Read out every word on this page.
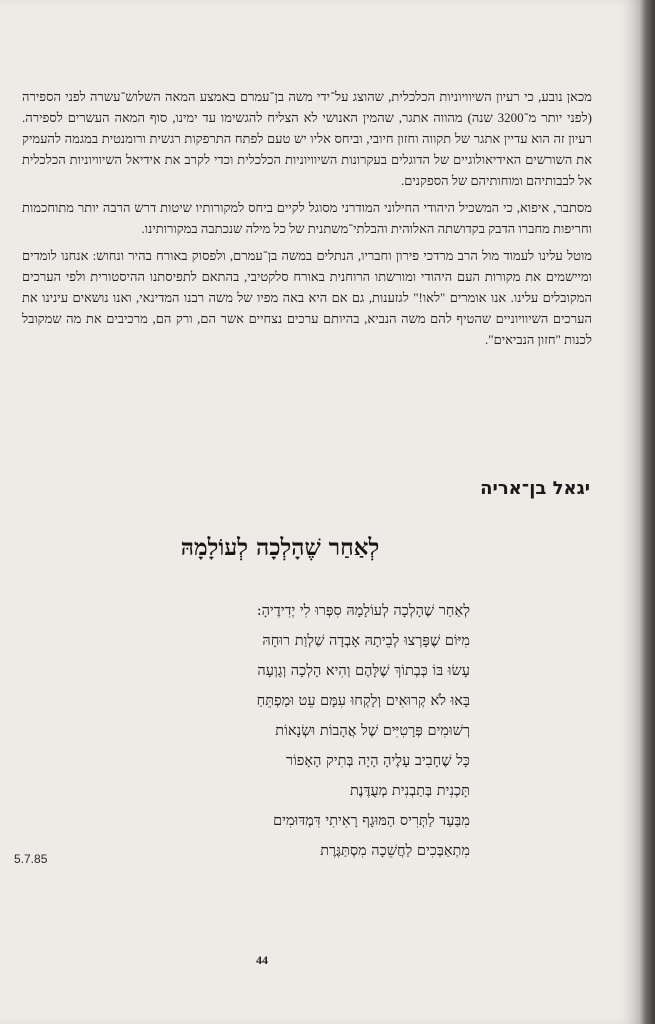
מכאן נובע, כי רעיון השיוויוניות הכלכלית, שהוצג על־ידי משה בן־עמרם באמצע המאה השלוש־עשרה לפני הספירה (לפני יותר מ־3200 שנה) מהווה אתגר, שהמין האנושי לא הצליח להגשימו עד ימינו, סוף המאה העשרים לספירה. רעיון זה הוא עדיין אתגר של תקווה וחזון חיובי, וביחס אליו יש טעם לפתח התרפקות רגשית ורומנטית במגמה להעמיק את השורשים האידיאולוגיים של הדוגלים בעקרונות השיוויוניות הכלכלית וכדי לקרב את אידיאל השיוויוניות הכלכלית אל לבבותיהם ומוחותיהם של הספקנים.

מסתבר, איפוא, כי המשכיל היהודי החילוני המודרני מסוגל לקיים ביחס למקורותיו שיטות דרש הרבה יותר מתוחכמות וחריפות מחברו הדבק בקדושתה האלוהית והבלתי־משתנית של כל מילה שנכתבה במקורותינו.

מוטל עלינו לעמוד מול הרב מרדכי פירון וחבריו, הנתלים במשה בן־עמרם, ולפסוק באורח בהיר ונחוש: אנחנו לומדים ומיישמים את מקורות העם היהודי ומורשתו הרוחנית באורח סלקטיבי, בהתאם לתפיסתנו ההיסטורית ולפי הערכים המקובלים עלינו. אנו אומרים "לאו!" לגזענות, גם אם היא באה מפיו של משה רבנו המדינאי, ואנו נושאים עינינו את הערכים השיוויוניים שהטיף להם משה הנביא, בהיותם ערכים נצחיים אשר הם, ורק הם, מרכיבים את מה שמקובל לכנות "חזון הנביאים".

יגאל בן־אריה
לְאַחַר שֶׁהָלְכָה לְעוֹלָמָהּ
לְאַחַר שֶׁהָלְכָה לְעוֹלָמָהּ סִפְּרוּ לִי יְדִידֶיהָ:
מִיּוֹם שֶׁפָּרְצוּ לְבֵיתָהּ אָבְדָה שַׁלְוַת רוּחָהּ
עָשׂוּ בּוֹ כְּבְתוֹךְ שֶׁלָּהֶם וְהִיא הָלְכָה וְגָוְעָה
בָּאוּ לֹא קְרוּאִים וְלָקְחוּ עִמָּם עֵט וּמַפְתֵּחַ
רְשׁוּמִים פְּרָטִיִּים שֶׁל אֲהָבוֹת וּשְׂנָאוֹת
כָּל שֶׁחָבִיב עָלֶיהָ הָיָה בְּתִיק הָאָפוֹר
תָּכְנִית בְּתַבְנִית מְעֻדֶּנֶת
מִבַּעַד לַתְּרִיס הַמּוּגָף רָאִיתִי דִּמְדּוּמִים
מִתְאַבְּכִים לַחֲשֵׁכָה מִסְתַּגֶּרֶת
5.7.85
44
